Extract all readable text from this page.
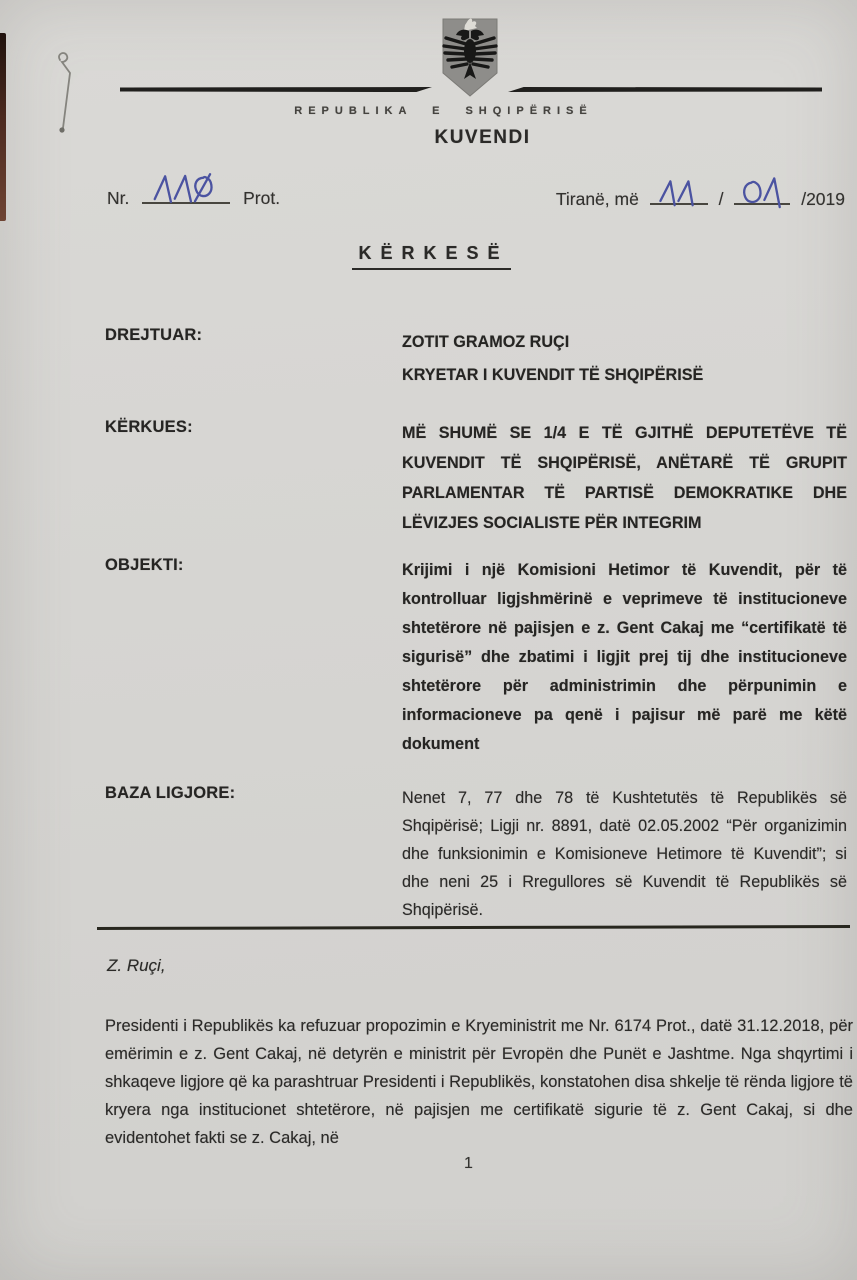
REPUBLIKA E SHQIPËRISË
KUVENDI
Nr.	Prot.	Tiranë, më	/	/2019
KËRKESË
DREJTUAR:	ZOTIT GRAMOZ RUÇI
KRYETAR I KUVENDIT TË SHQIPËRISË
KËRKUES:	MË SHUMË SE 1/4 E TË GJITHË DEPUTETËVE TË KUVENDIT TË SHQIPËRISË, ANËTARË TË GRUPIT PARLAMENTAR TË PARTISË DEMOKRATIKE DHE LËVIZJES SOCIALISTE PËR INTEGRIM
OBJEKTI:	Krijimi i një Komisioni Hetimor të Kuvendit, për të kontrolluar ligjshmërinë e veprimeve të institucioneve shtetërore në pajisjen e z. Gent Cakaj me “certifikatë të sigurisë” dhe zbatimi i ligjit prej tij dhe institucioneve shtetërore për administrimin dhe përpunimin e informacioneve pa qenë i pajisur më parë me këtë dokument
BAZA LIGJORE:	Nenet 7, 77 dhe 78 të Kushtetutës të Republikës së Shqipërisë; Ligji nr. 8891, datë 02.05.2002 “Për organizimin dhe funksionimin e Komisioneve Hetimore të Kuvendit”; si dhe neni 25 i Rregullores së Kuvendit të Republikës së Shqipërisë.
Z. Ruçi,
Presidenti i Republikës ka refuzuar propozimin e Kryeministrit me Nr. 6174 Prot., datë 31.12.2018, për emërimin e z. Gent Cakaj, në detyrën e ministrit për Evropën dhe Punët e Jashtme. Nga shqyrtimi i shkaqeve ligjore që ka parashtruar Presidenti i Republikës, konstatohen disa shkelje të rënda ligjore të kryera nga institucionet shtetërore, në pajisjen me certifikatë sigurie të z. Gent Cakaj, si dhe evidentohet fakti se z. Cakaj, në
1
